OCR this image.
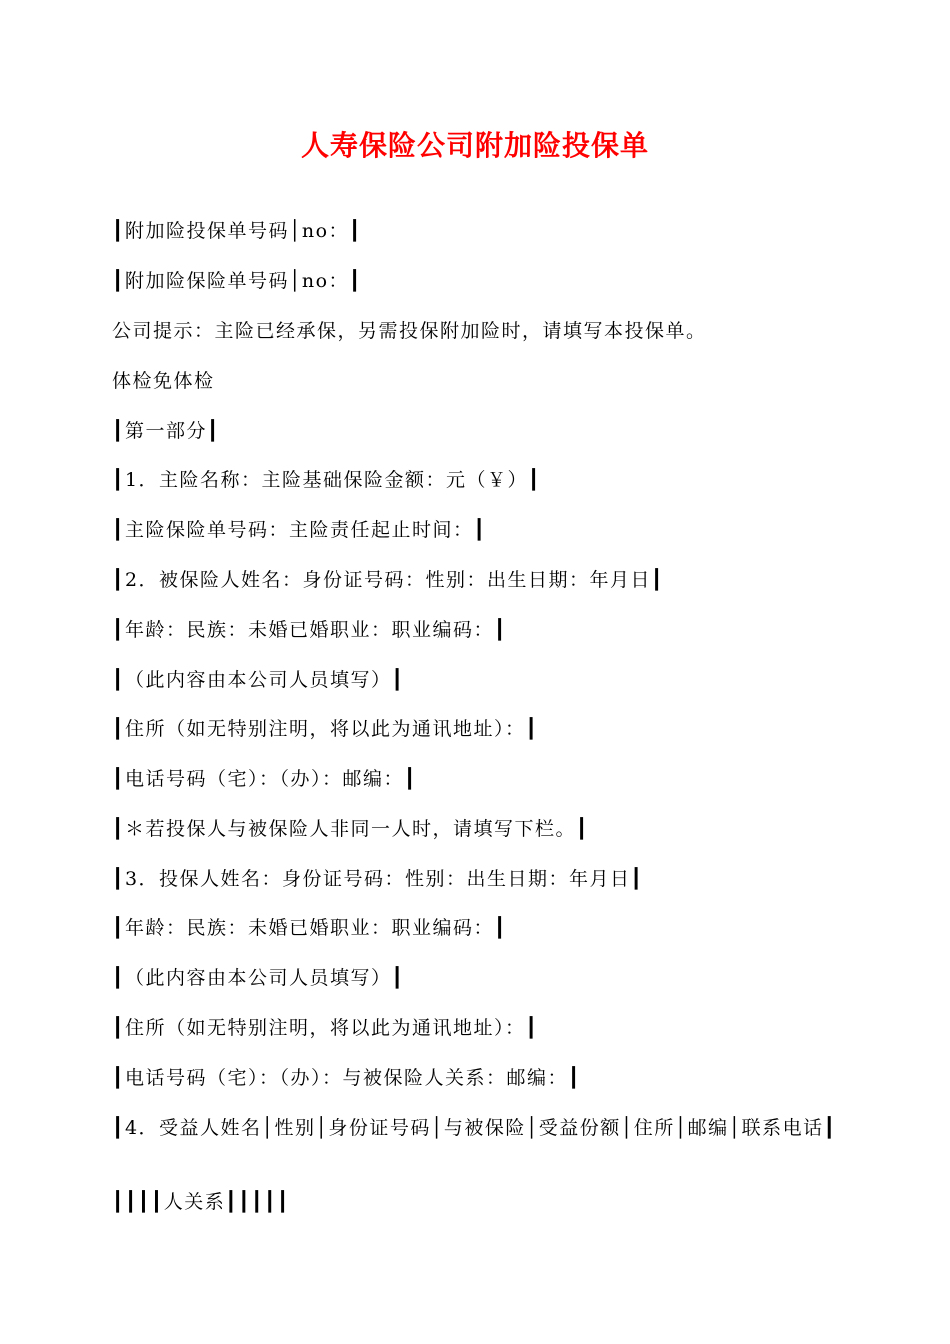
人寿保险公司附加险投保单
┃附加险投保单号码│no：┃
┃附加险保险单号码│no：┃
公司提示：主险已经承保，另需投保附加险时，请填写本投保单。
体检免体检
┃第一部分┃
┃1．主险名称：主险基础保险金额：元（￥）┃
┃主险保险单号码：主险责任起止时间：┃
┃2．被保险人姓名：身份证号码：性别：出生日期：年月日┃
┃年龄：民族：未婚已婚职业：职业编码：┃
┃（此内容由本公司人员填写）┃
┃住所（如无特别注明，将以此为通讯地址）：┃
┃电话号码（宅）：（办）：邮编：┃
┃＊若投保人与被保险人非同一人时，请填写下栏。┃
┃3．投保人姓名：身份证号码：性别：出生日期：年月日┃
┃年龄：民族：未婚已婚职业：职业编码：┃
┃（此内容由本公司人员填写）┃
┃住所（如无特别注明，将以此为通讯地址）：┃
┃电话号码（宅）：（办）：与被保险人关系：邮编：┃
┃4．受益人姓名│性别│身份证号码│与被保险│受益份额│住所│邮编│联系电话┃
┃┃┃┃人关系┃┃┃┃┃
